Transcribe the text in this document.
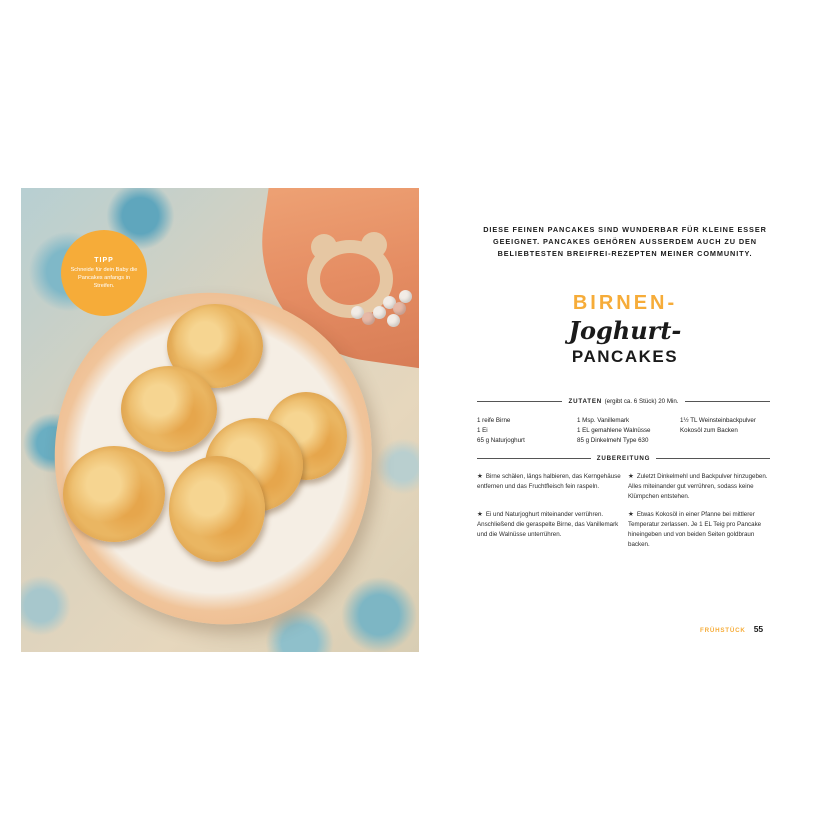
TIPP
Schneide für dein Baby die Pancakes anfangs in Streifen.
DIESE FEINEN PANCAKES SIND WUNDERBAR FÜR KLEINE ESSER GEEIGNET. PANCAKES GEHÖREN AUSSERDEM AUCH ZU DEN BELIEBTESTEN BREIFREI-REZEPTEN MEINER COMMUNITY.
BIRNEN-
Joghurt-
PANCAKES
ZUTATEN (ergibt ca. 6 Stück) 20 Min.
1 reife Birne
1 Ei
65 g Naturjoghurt
1 Msp. Vanillemark
1 EL gemahlene Walnüsse
85 g Dinkelmehl Type 630
1½ TL Weinsteinbackpulver
Kokosöl zum Backen
ZUBEREITUNG
★ Birne schälen, längs halbieren, das Kerngehäuse entfernen und das Fruchtfleisch fein raspeln.
★ Ei und Naturjoghurt miteinander verrühren. Anschließend die geraspelte Birne, das Vanillemark und die Walnüsse unterrühren.
★ Zuletzt Dinkelmehl und Backpulver hinzugeben. Alles miteinander gut verrühren, sodass keine Klümpchen entstehen.
★ Etwas Kokosöl in einer Pfanne bei mittlerer Temperatur zerlassen. Je 1 EL Teig pro Pancake hineingeben und von beiden Seiten goldbraun backen.
FRÜHSTÜCK 55
